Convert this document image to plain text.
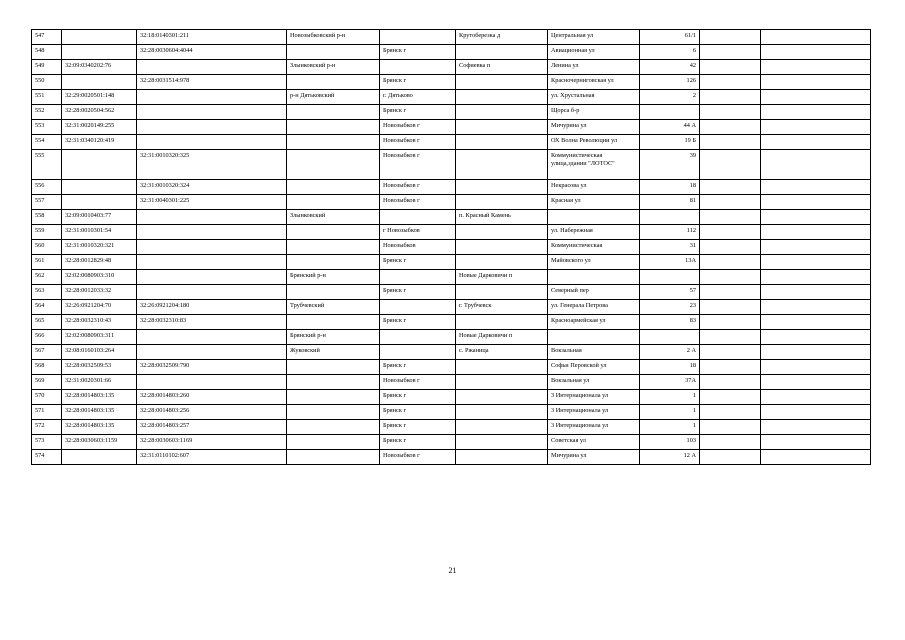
547		32:18:0140301:211	Новозыбковский р-н		Крутоберезка д	Центральная ул	61/1		
548		32:28:0030604:4044		Брянск г		Авиационная ул	6		
549	32:09:0340202:76		Злынковский р-н		Софиевка п	Ленина ул	42		
550		32:28:0031514:978		Брянск г		Красночерниговская ул	126		
551	32:29:0020501:148		р-н Дятьковский	г. Дятьково		ул. Хрустальная	2		
552	32:28:0020504:562			Брянск г		Щорса б-р			
553	32:31:0020149:255			Новозыбков г		Мичурина ул	44 А		
554	32:31:0340120:419			Новозыбков г		ОХ Волна Революции ул	19 Б		
555		32:31:0010320:325		Новозыбков г		Коммунистическая улица,здании "ЛОТОС"	39		
556		32:31:0010320:324		Новозыбков г		Некрасова ул	18		
557		32:31:0040301:225		Новозыбков г		Красная ул	81		
558	32:09:0010403:77		Злынковский		п. Красный Камень				
559	32:31:0010301:54			г Новозыбков		ул. Набережная	112		
560	32:31:0010320:321			Новозыбков		Коммунистическая	31		
561	32:28:0012829:48			Брянск г		Майовского ул	13А		
562	32:02:0080903:310		Брянский р-н		Новые Дарковичи п				
563	32:28:0012033:32			Брянск г		Северный пер	57		
564	32:26:0921204:70	32:26:0921204:180	Трубчевский		г. Трубчевск	ул. Генерала Петрова	23		
565	32:28:0032310:43	32:28:0032310:83		Брянск г		Красноармейская ул	83		
566	32:02:0080903:311		Брянский р-н		Новые Дарковичи п				
567	32:08:0160103:264		Жуковский		с. Ржаница	Вокзальная	2 А		
568	32:28:0032509:53	32:28:0032509:790		Брянск г		Софьи Перовской ул	18		
569	32:31:0020301:66			Новозыбков г		Вокзальная ул	37А		
570	32:28:0014803:135	32:28:0014803:260		Брянск г		3 Интернационала ул	1		
571	32:28:0014803:135	32:28:0014803:256		Брянск г		3 Интернационала ул	1		
572	32:28:0014803:135	32:28:0014803:257		Брянск г		3 Интернационала ул	1		
573	32:28:0030603:1159	32:28:0030603:1169		Брянск г		Советская ул	103		
574		32:31:0110102:607		Новозыбков г		Мичурина ул	12 А		
21
